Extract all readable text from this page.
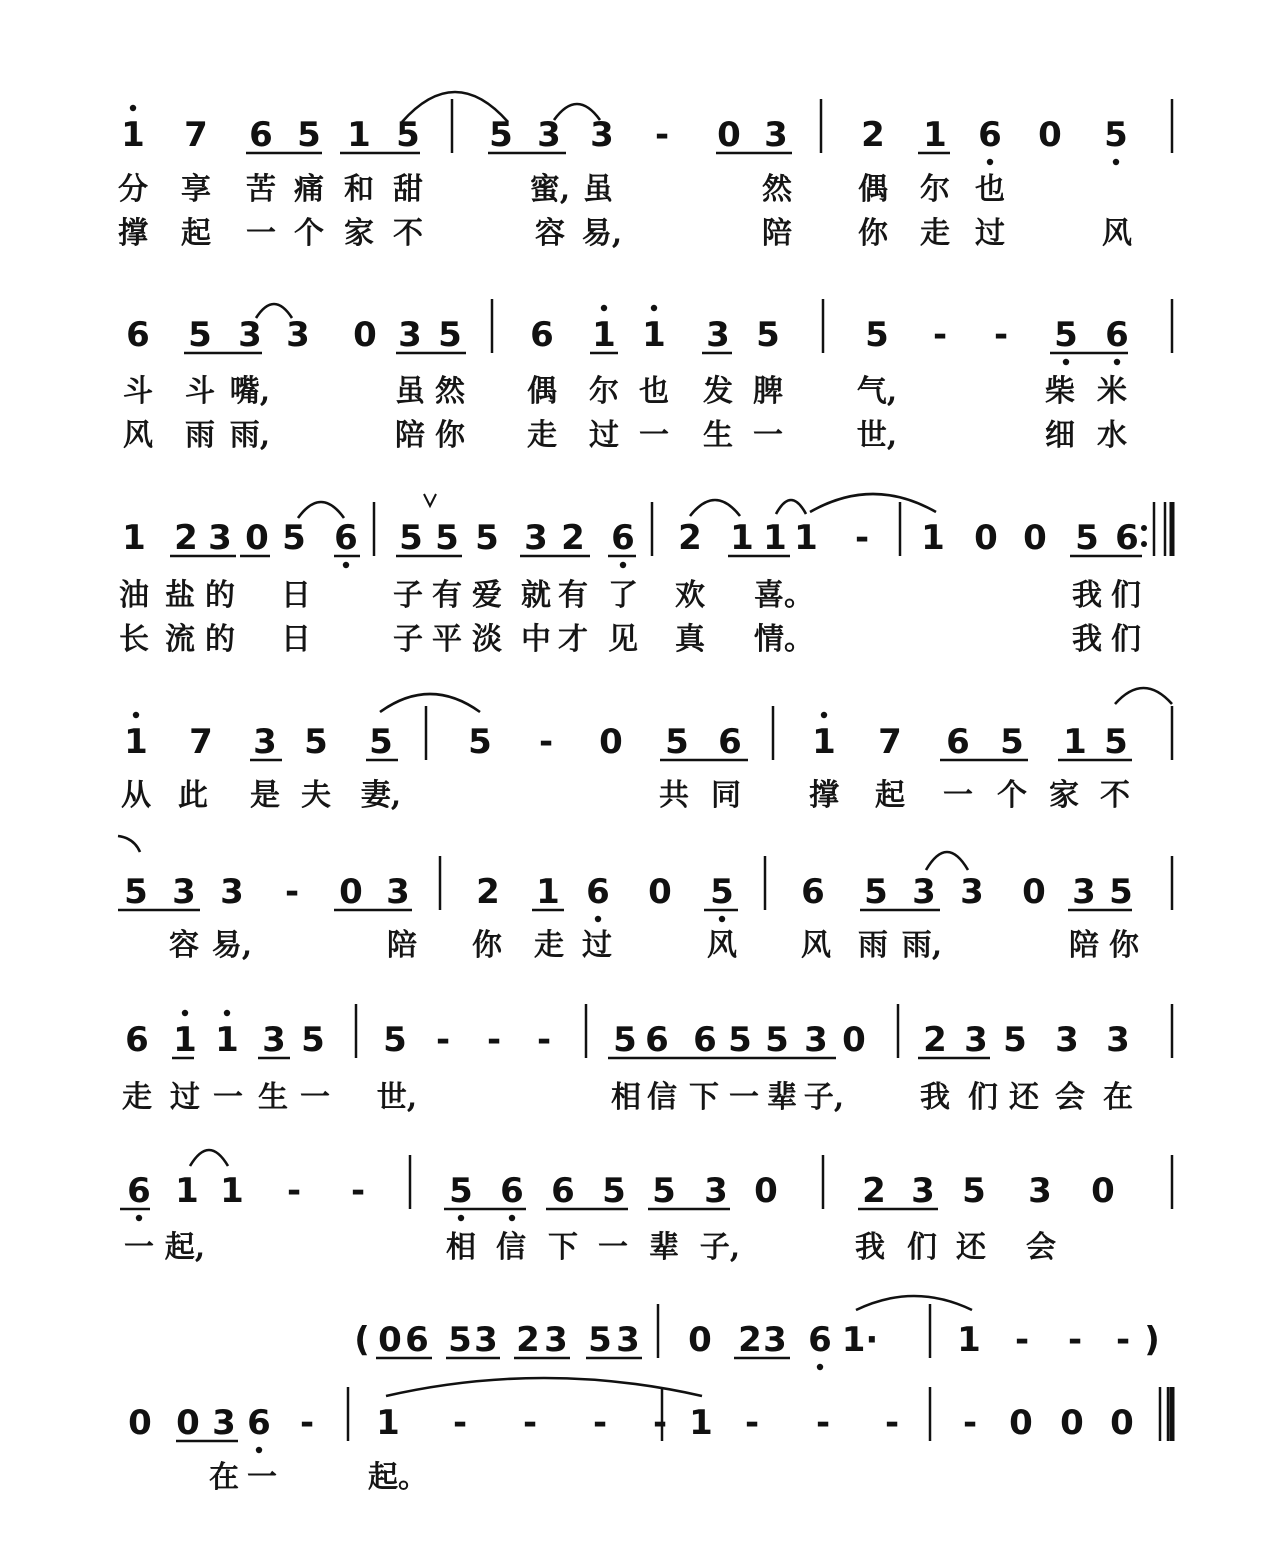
1 7 6 5 1 5 5 3 3	-	0 3 2 1 6 0 5
分 享 苦 痛 和 甜	蜜, 虽	然 偶 尔 也
撑 起 一 个 家 不	容 易,	陪 你 走 过	风
6 5 3 3 0 3 5 6 1 1 3 5	5	-	-	5 6
斗 斗 嘴,	虽 然 偶 尔 也 发 脾 气,	柴 米
风 雨 雨,	陪 你 走 过 一 生 一 世,	细 水
1 2 3 0 5 6 5 5 5 3 2 6 2 1 1 1	-	1 0 0 5 6
油 盐 的 日	子 有 爱 就 有 了 欢 喜。	我 们
长 流 的 日	子 平 淡 中 才 见 真 情。	我 们
1 7 3 5 5 5	-	0 5 6 1 7 6 5 1 5
从 此 是 夫 妻,	共 同 撑 起 一 个 家 不
5 3 3	-	0 3 2 1 6 0 5 6 5 3 3 0 3 5
容 易,	陪 你 走 过	风 风 雨 雨,	陪 你
6 1 1 3 5 5 -	-	-	5 6 6 5 5 3 0 2 3 5 3 3
走 过 一 生 一 世,	相 信 下 一 辈 子,	我 们 还 会 在
6 1 1	-	-	5 6 6 5 5 3 0 2 3 5 3 0
一 起,	相 信 下 一 辈 子,	我 们 还 会
( 0 6 5 3 2 3 5 3 0 2 3 6 1· 1	-	- - )
0 0 3 6 -	1	-	-	-	- 1 -	-	-	- 0 0 0
在 一	起。
